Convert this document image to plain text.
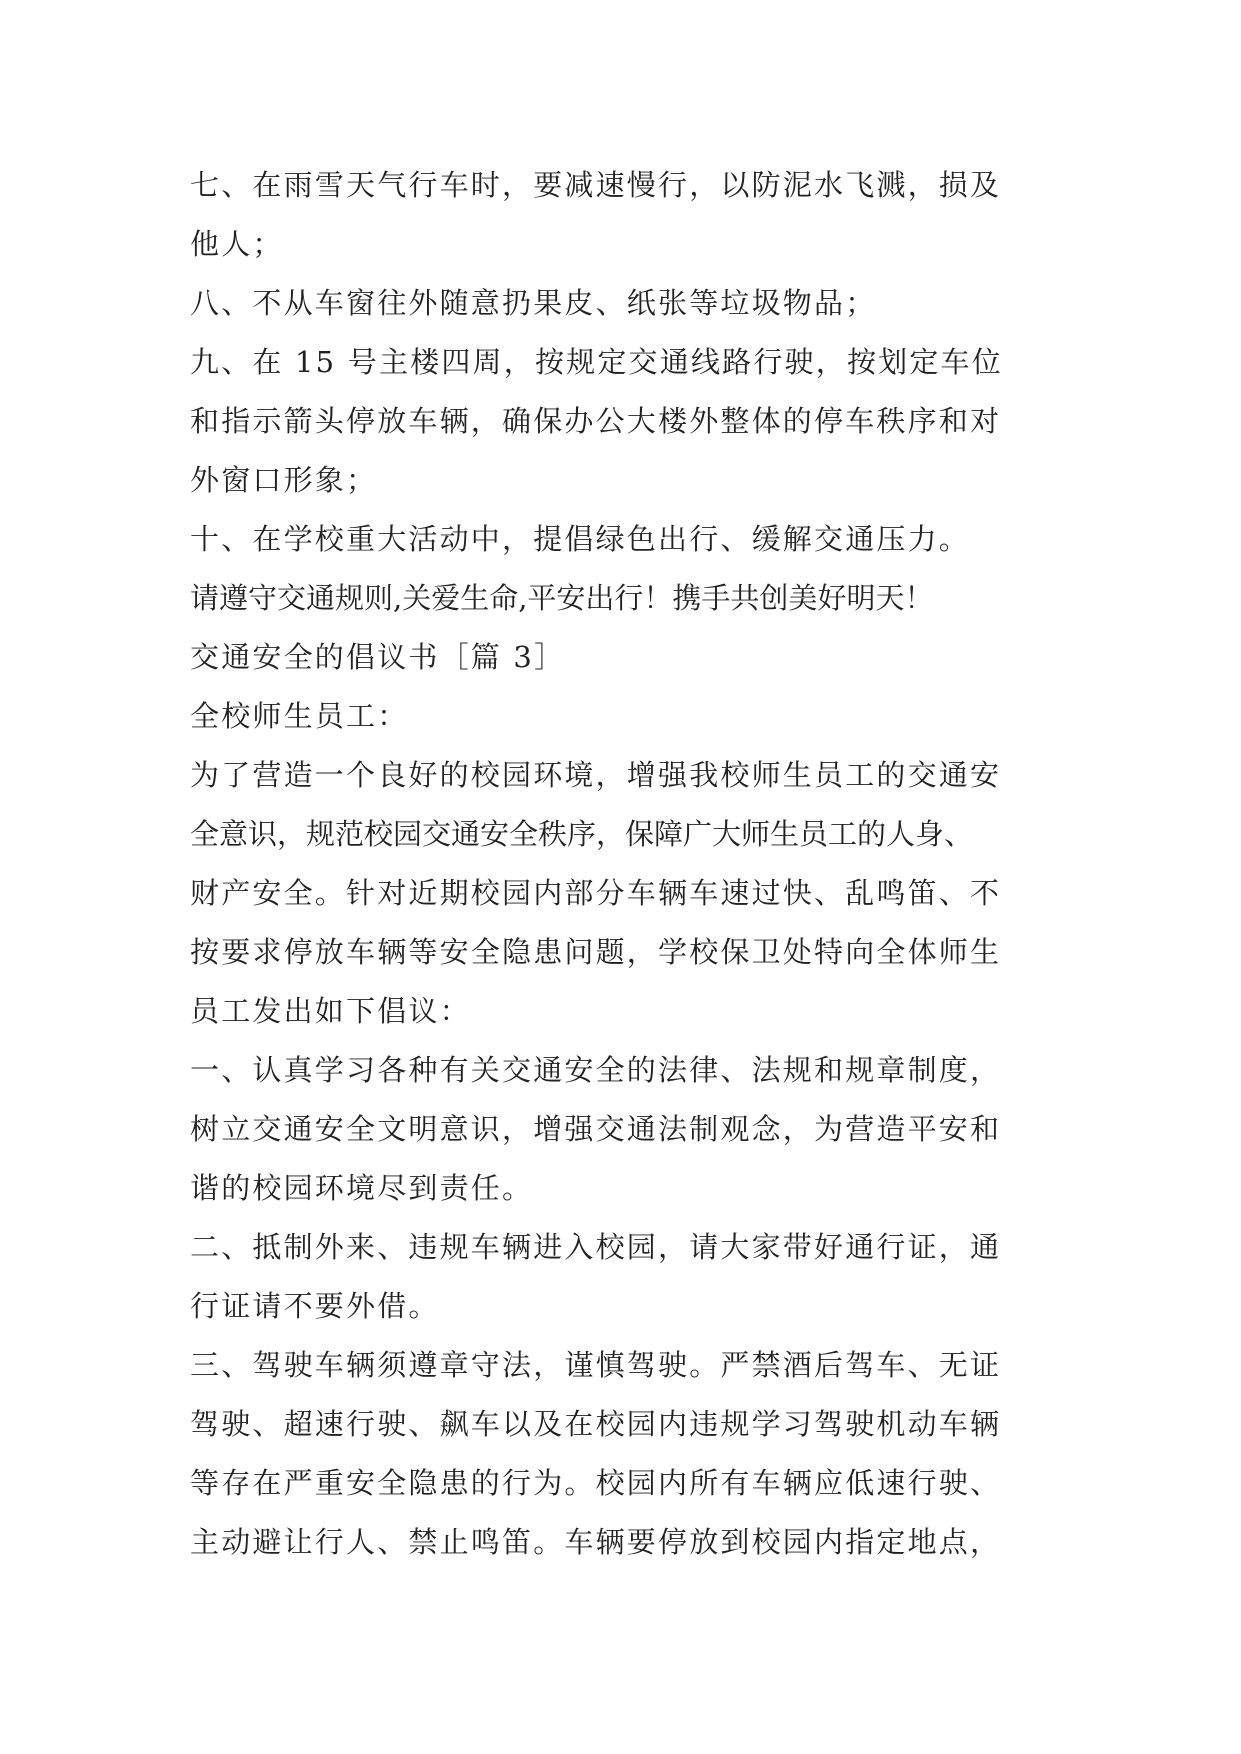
七、在雨雪天气行车时，要减速慢行，以防泥水飞溅，损及
他人；
八、不从车窗往外随意扔果皮、纸张等垃圾物品；
九、在 15 号主楼四周，按规定交通线路行驶，按划定车位
和指示箭头停放车辆，确保办公大楼外整体的停车秩序和对
外窗口形象；
十、在学校重大活动中，提倡绿色出行、缓解交通压力。
请遵守交通规则,关爱生命,平安出行！携手共创美好明天！
交通安全的倡议书［篇 3］
全校师生员工：
为了营造一个良好的校园环境，增强我校师生员工的交通安
全意识，规范校园交通安全秩序，保障广大师生员工的人身、
财产安全。针对近期校园内部分车辆车速过快、乱鸣笛、不
按要求停放车辆等安全隐患问题，学校保卫处特向全体师生
员工发出如下倡议：
一、认真学习各种有关交通安全的法律、法规和规章制度，
树立交通安全文明意识，增强交通法制观念，为营造平安和
谐的校园环境尽到责任。
二、抵制外来、违规车辆进入校园，请大家带好通行证，通
行证请不要外借。
三、驾驶车辆须遵章守法，谨慎驾驶。严禁酒后驾车、无证
驾驶、超速行驶、飙车以及在校园内违规学习驾驶机动车辆
等存在严重安全隐患的行为。校园内所有车辆应低速行驶、
主动避让行人、禁止鸣笛。车辆要停放到校园内指定地点，
